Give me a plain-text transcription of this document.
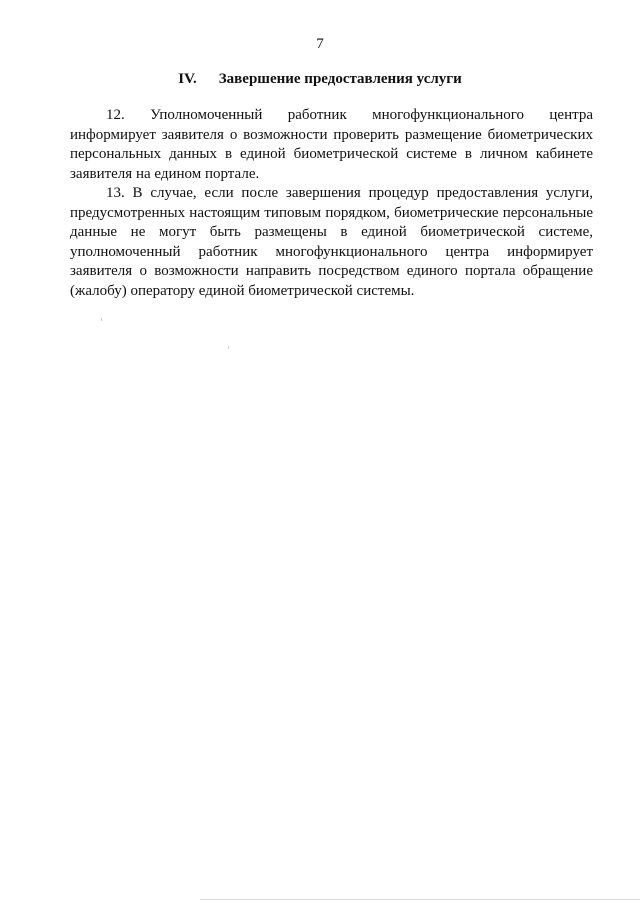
7
IV. Завершение предоставления услуги

12. Уполномоченный работник многофункционального центра информирует заявителя о возможности проверить размещение биометрических персональных данных в единой биометрической системе в личном кабинете заявителя на едином портале.

13. В случае, если после завершения процедур предоставления услуги, предусмотренных настоящим типовым порядком, биометрические персональные данные не могут быть размещены в единой биометрической системе, уполномоченный работник многофункционального центра информирует заявителя о возможности направить посредством единого портала обращение (жалобу) оператору единой биометрической системы.
